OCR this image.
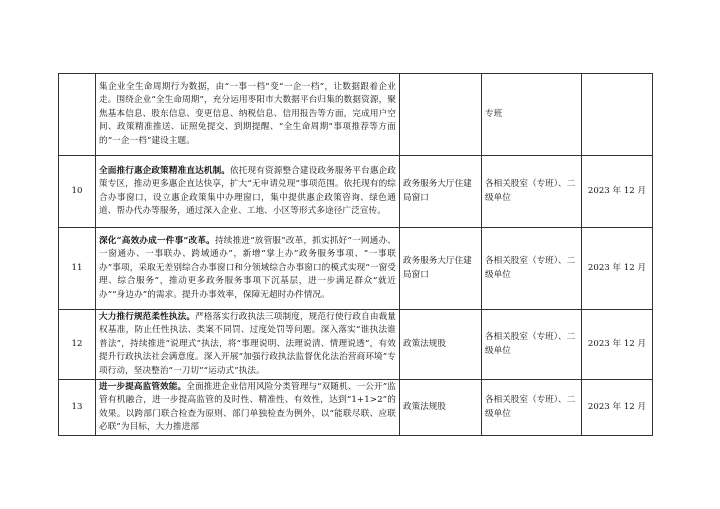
	集企业全生命周期行为数据，由“一事一档”变“一企一档”，让数据跟着企业走。围绕企业“全生命周期”，充分运用枣阳市大数据平台归集的数据资源，聚焦基本信息、股东信息、变更信息、纳税信息、信用报告等方面，完成用户空间、政策精准推送、证照免提交、到期提醒、“全生命周期”事项推荐等方面的“一企一档”建设主题。		专班	
10	全面推行惠企政策精准直达机制。依托现有资源整合建设政务服务平台惠企政策专区，推动更多惠企直达快享，扩大“无申请兑现”事项范围。依托现有的综合办事窗口，设立惠企政策集中办理窗口，集中提供惠企政策咨询、绿色通道、帮办代办等服务，通过深入企业、工地、小区等形式多途径广泛宣传。	政务服务大厅住建局窗口	各相关股室（专班）、二级单位	2023 年 12 月
11	深化“高效办成一件事”改革。持续推进“放管服”改革，抓实抓好“一网通办、一窗通办、一事联办、跨域通办”，新增“掌上办”政务服务事项、“一事联办”事项，采取无差别综合办事窗口和分领域综合办事窗口的模式实现“一窗受理、综合服务”，推动更多政务服务事项下沉基层，进一步满足群众“就近办”“身边办”的需求。提升办事效率，保障无超时办件情况。	政务服务大厅住建局窗口	各相关股室（专班）、二级单位	2023 年 12 月
12	大力推行规范柔性执法。严格落实行政执法三项制度，规范行使行政自由裁量权基准，防止任性执法、类案不同罚、过度处罚等问题。深入落实“谁执法谁普法”，持续推进“说理式”执法，将“事理说明、法理说清、情理说透”，有效提升行政执法社会满意度。深入开展“加强行政执法监督优化法治营商环境”专项行动，坚决整治“一刀切”“运动式”执法。	政策法规股	各相关股室（专班）、二级单位	2023 年 12 月
13	进一步提高监管效能。全面推进企业信用风险分类管理与“双随机、一公开”监管有机融合，进一步提高监管的及时性、精准性、有效性，达到“1+1>2”的效果。以跨部门联合检查为原则、部门单独检查为例外，以“能联尽联、应联必联”为目标，大力推进部	政策法规股	各相关股室（专班）、二级单位	2023 年 12 月
